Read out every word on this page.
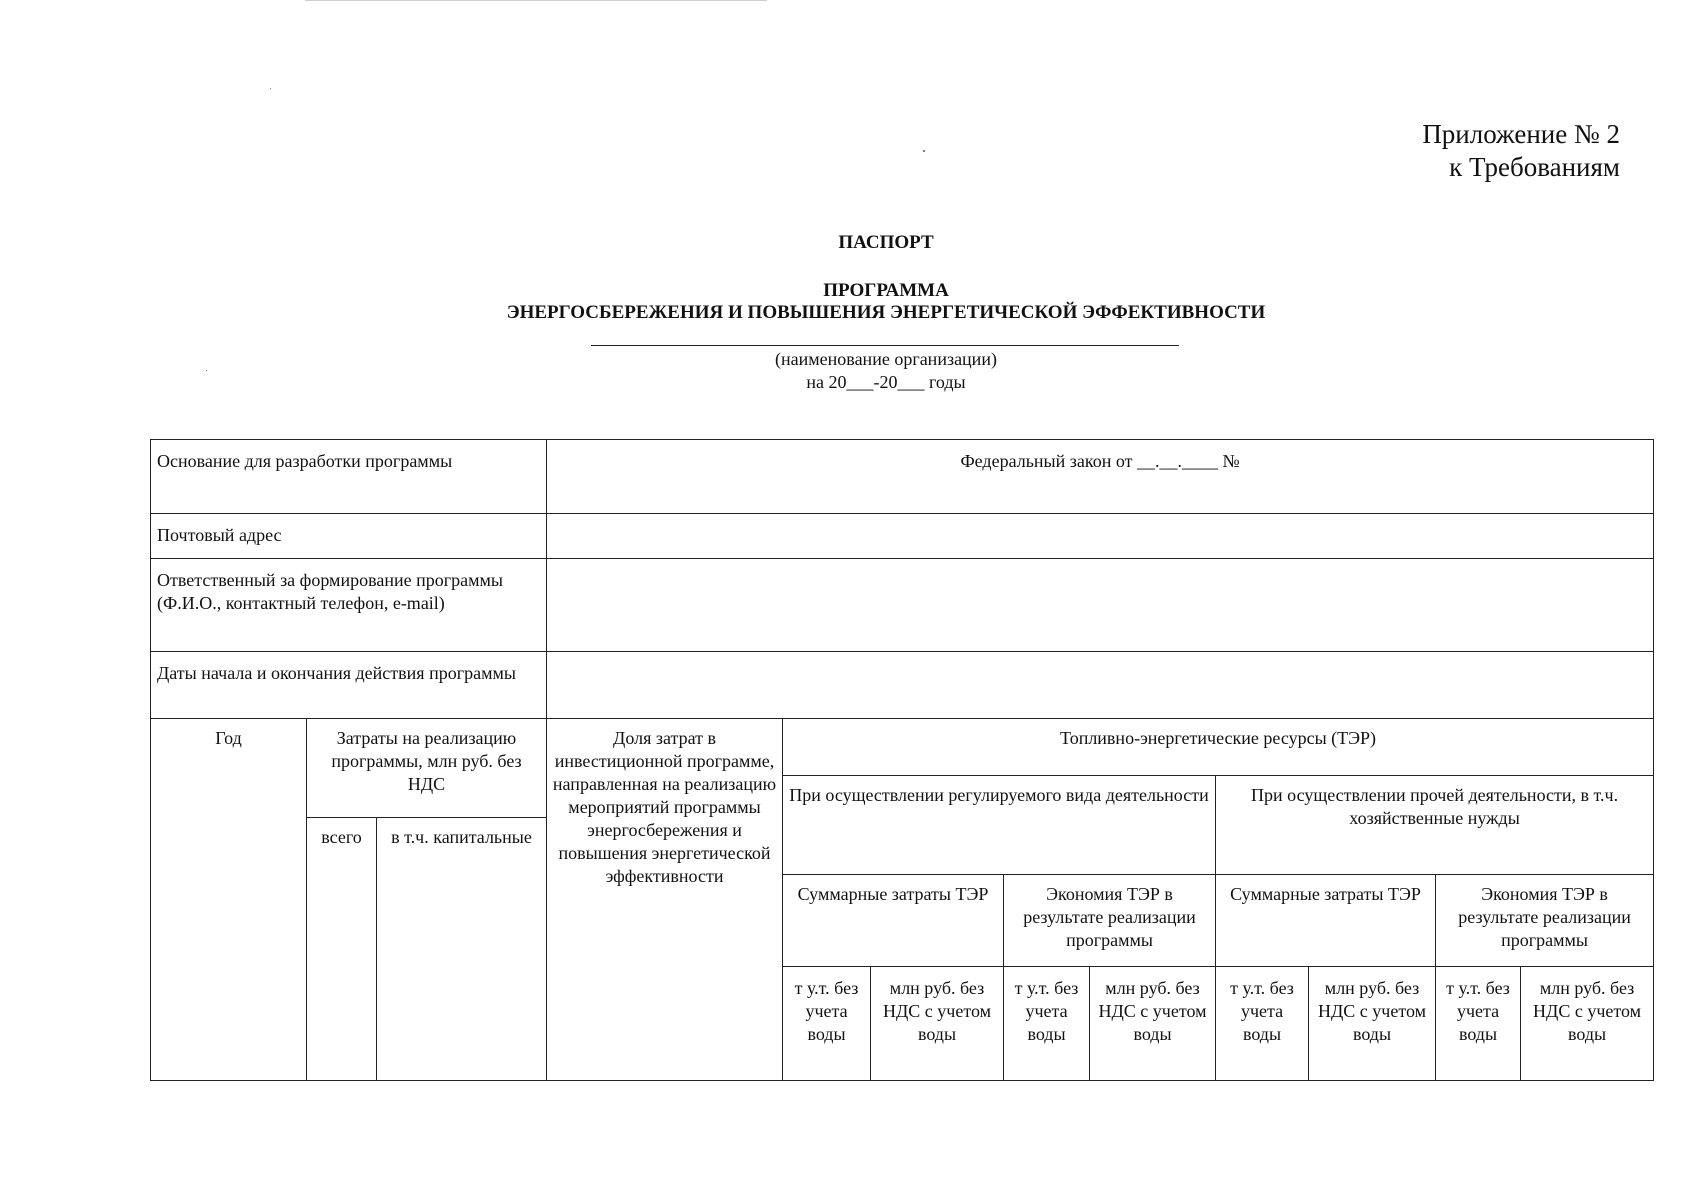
Приложение № 2
к Требованиям
ПАСПОРТ
ПРОГРАММА
ЭНЕРГОСБЕРЕЖЕНИЯ И ПОВЫШЕНИЯ ЭНЕРГЕТИЧЕСКОЙ ЭФФЕКТИВНОСТИ
(наименование организации)
на 20___-20___ годы
Основание для разработки программы			Федеральный закон от __.__.____ №								
Почтовый адрес											
Ответственный за формирование программы (Ф.И.О., контактный телефон, e-mail)											
Даты начала и окончания действия программы											
Год	Затраты на реализацию программы, млн руб. без НДС		Доля затрат в инвестиционной программе, направленная на реализацию мероприятий программы энергосбережения и повышения энергетической эффективности	Топливно-энергетические ресурсы (ТЭР)							
				При осуществлении регулируемого вида деятельности				При осуществлении прочей деятельности, в т.ч. хозяйственные нужды			
	всего	в т.ч. капитальные									
				Суммарные затраты ТЭР		Экономия ТЭР в результате реализации программы		Суммарные затраты ТЭР		Экономия ТЭР в результате реализации программы	
				т у.т. без учета воды	млн руб. без НДС с учетом воды	т у.т. без учета воды	млн руб. без НДС с учетом воды	т у.т. без учета воды	млн руб. без НДС с учетом воды	т у.т. без учета воды	млн руб. без НДС с учетом воды
